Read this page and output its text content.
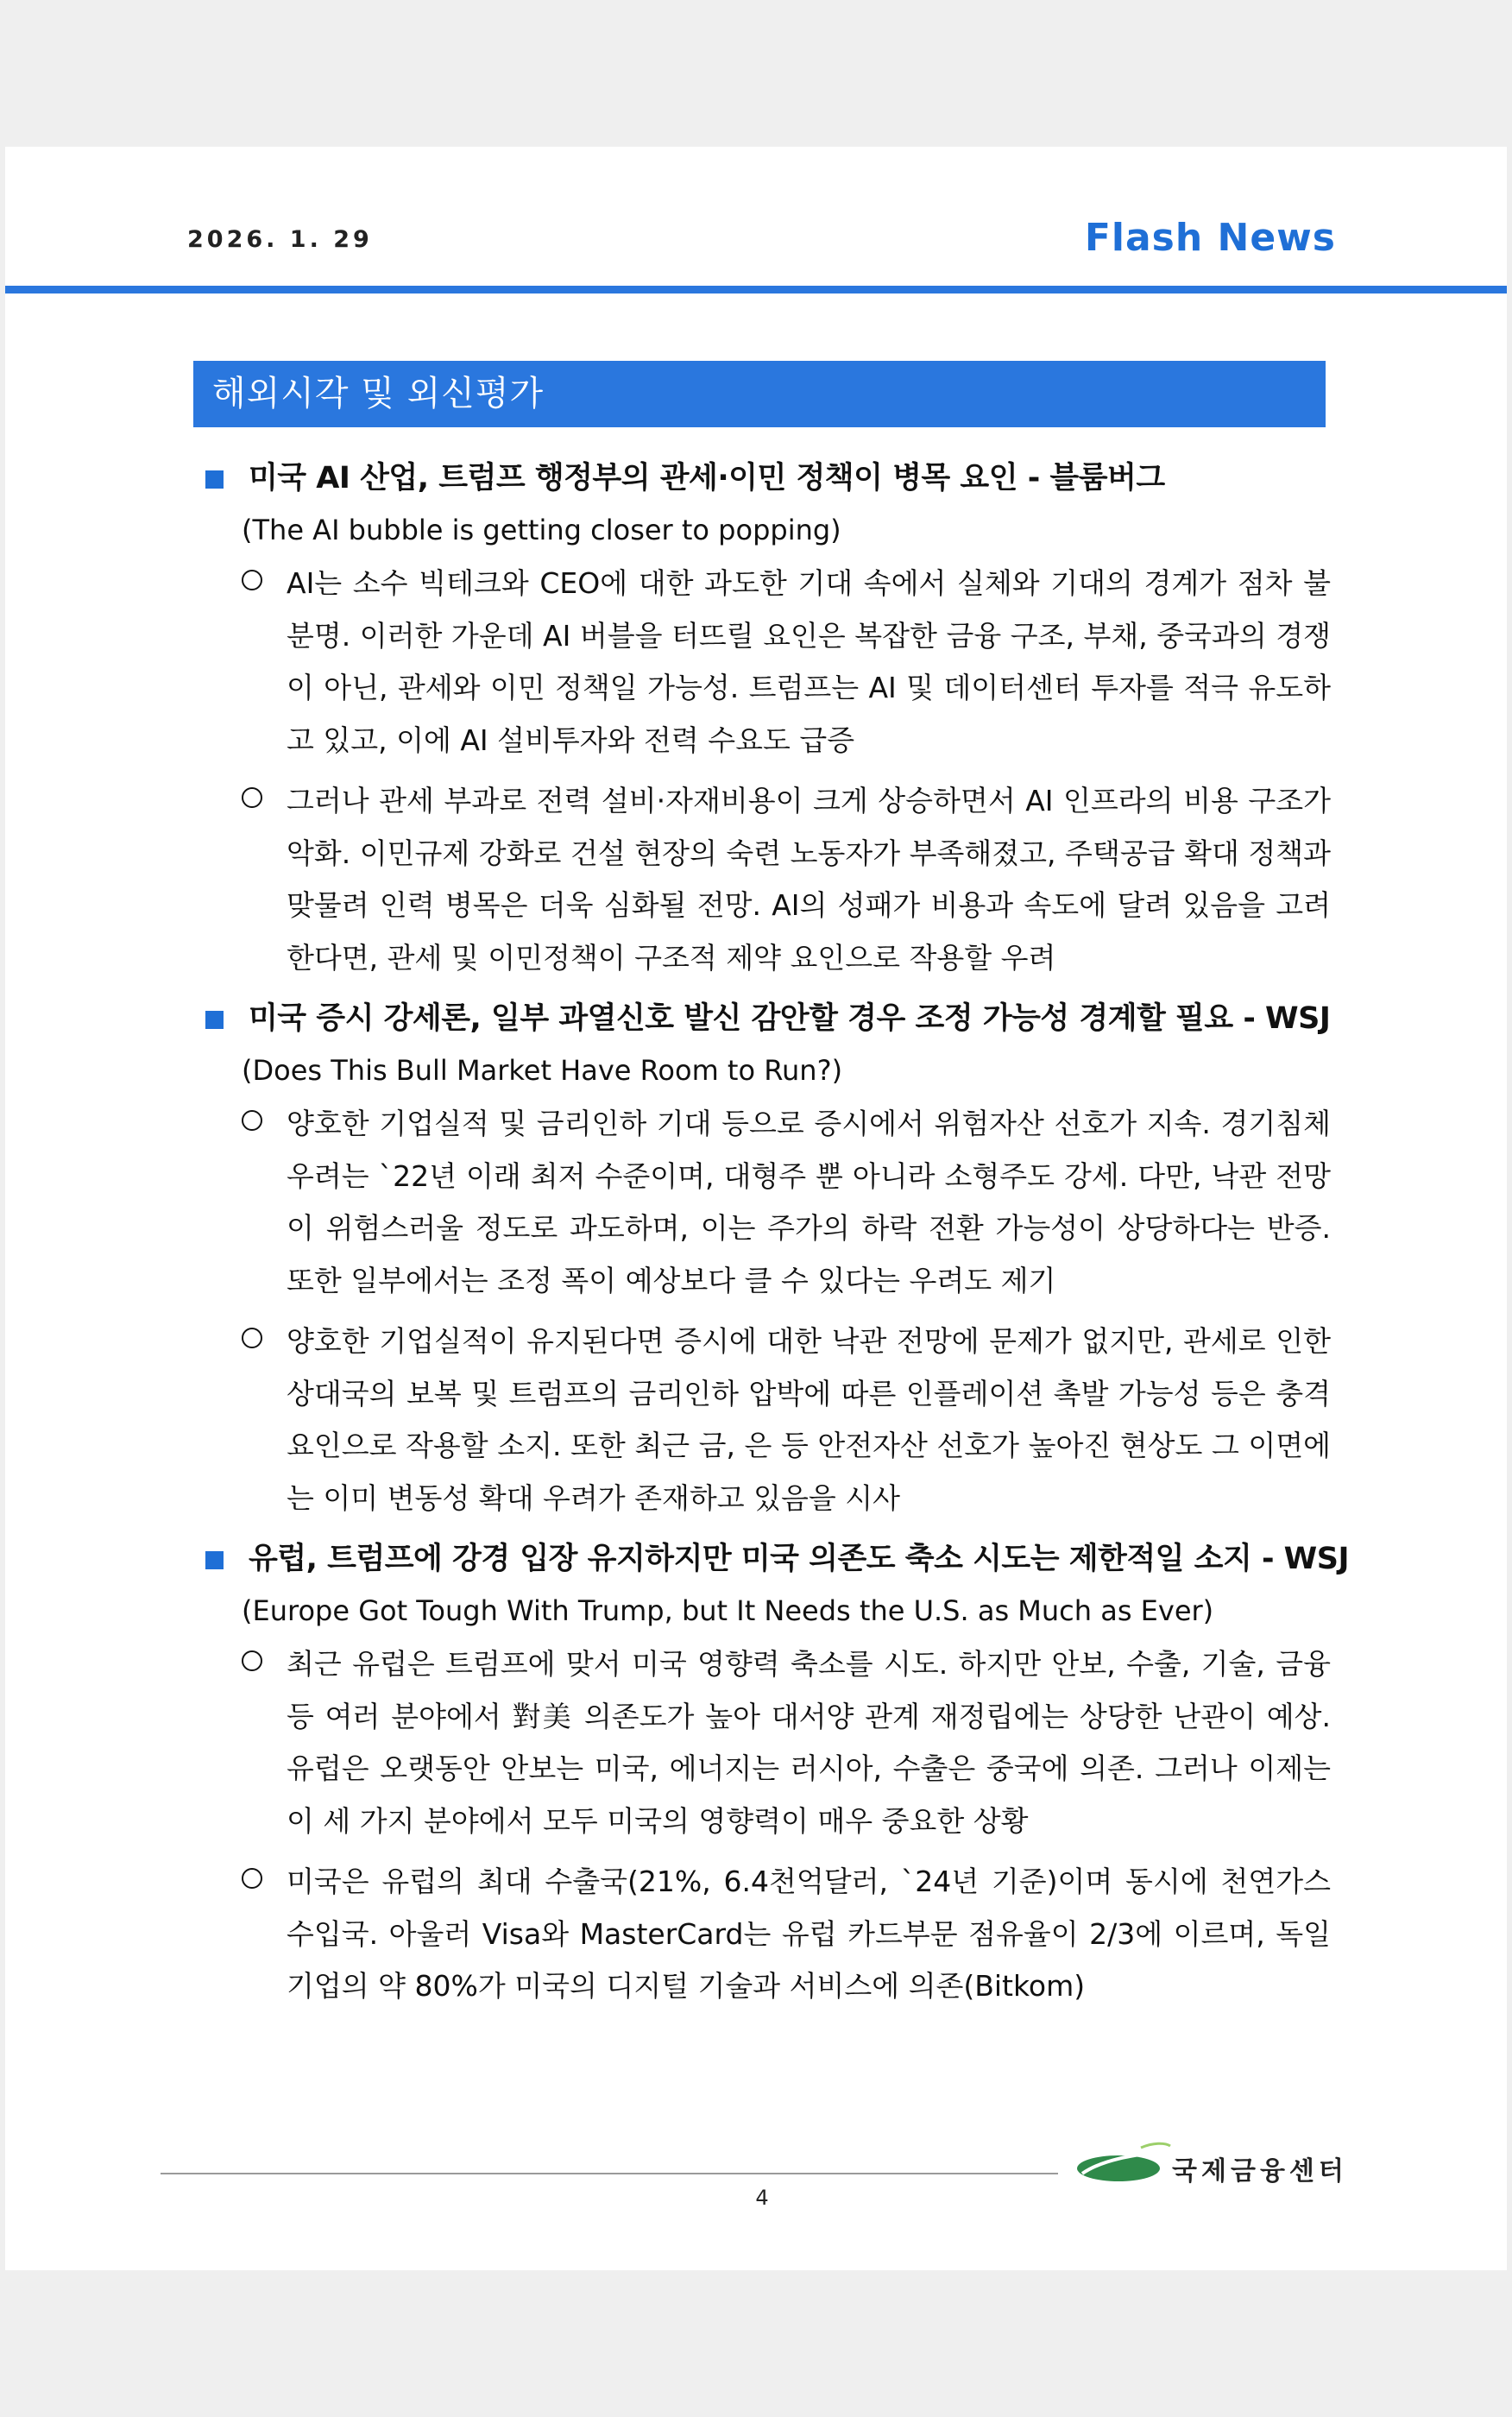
2026. 1. 29	Flash News
해외시각 및 외신평가
미국 AI 산업, 트럼프 행정부의 관세·이민 정책이 병목 요인 - 블룸버그
(The AI bubble is getting closer to popping)
AI는 소수 빅테크와 CEO에 대한 과도한 기대 속에서 실체와 기대의 경계가 점차 불분명. 이러한 가운데 AI 버블을 터뜨릴 요인은 복잡한 금융 구조, 부채, 중국과의 경쟁이 아닌, 관세와 이민 정책일 가능성. 트럼프는 AI 및 데이터센터 투자를 적극 유도하고 있고, 이에 AI 설비투자와 전력 수요도 급증
그러나 관세 부과로 전력 설비·자재비용이 크게 상승하면서 AI 인프라의 비용 구조가 악화. 이민규제 강화로 건설 현장의 숙련 노동자가 부족해졌고, 주택공급 확대 정책과 맞물려 인력 병목은 더욱 심화될 전망. AI의 성패가 비용과 속도에 달려 있음을 고려한다면, 관세 및 이민정책이 구조적 제약 요인으로 작용할 우려
미국 증시 강세론, 일부 과열신호 발신 감안할 경우 조정 가능성 경계할 필요 - WSJ
(Does This Bull Market Have Room to Run?)
양호한 기업실적 및 금리인하 기대 등으로 증시에서 위험자산 선호가 지속. 경기침체 우려는 `22년 이래 최저 수준이며, 대형주 뿐 아니라 소형주도 강세. 다만, 낙관 전망이 위험스러울 정도로 과도하며, 이는 주가의 하락 전환 가능성이 상당하다는 반증. 또한 일부에서는 조정 폭이 예상보다 클 수 있다는 우려도 제기
양호한 기업실적이 유지된다면 증시에 대한 낙관 전망에 문제가 없지만, 관세로 인한 상대국의 보복 및 트럼프의 금리인하 압박에 따른 인플레이션 촉발 가능성 등은 충격 요인으로 작용할 소지. 또한 최근 금, 은 등 안전자산 선호가 높아진 현상도 그 이면에는 이미 변동성 확대 우려가 존재하고 있음을 시사
유럽, 트럼프에 강경 입장 유지하지만 미국 의존도 축소 시도는 제한적일 소지 - WSJ
(Europe Got Tough With Trump, but It Needs the U.S. as Much as Ever)
최근 유럽은 트럼프에 맞서 미국 영향력 축소를 시도. 하지만 안보, 수출, 기술, 금융 등 여러 분야에서 對美 의존도가 높아 대서양 관계 재정립에는 상당한 난관이 예상. 유럽은 오랫동안 안보는 미국, 에너지는 러시아, 수출은 중국에 의존. 그러나 이제는 이 세 가지 분야에서 모두 미국의 영향력이 매우 중요한 상황
미국은 유럽의 최대 수출국(21%, 6.4천억달러, `24년 기준)이며 동시에 천연가스 수입국. 아울러 Visa와 MasterCard는 유럽 카드부문 점유율이 2/3에 이르며, 독일 기업의 약 80%가 미국의 디지털 기술과 서비스에 의존(Bitkom)
국제금융센터
4
